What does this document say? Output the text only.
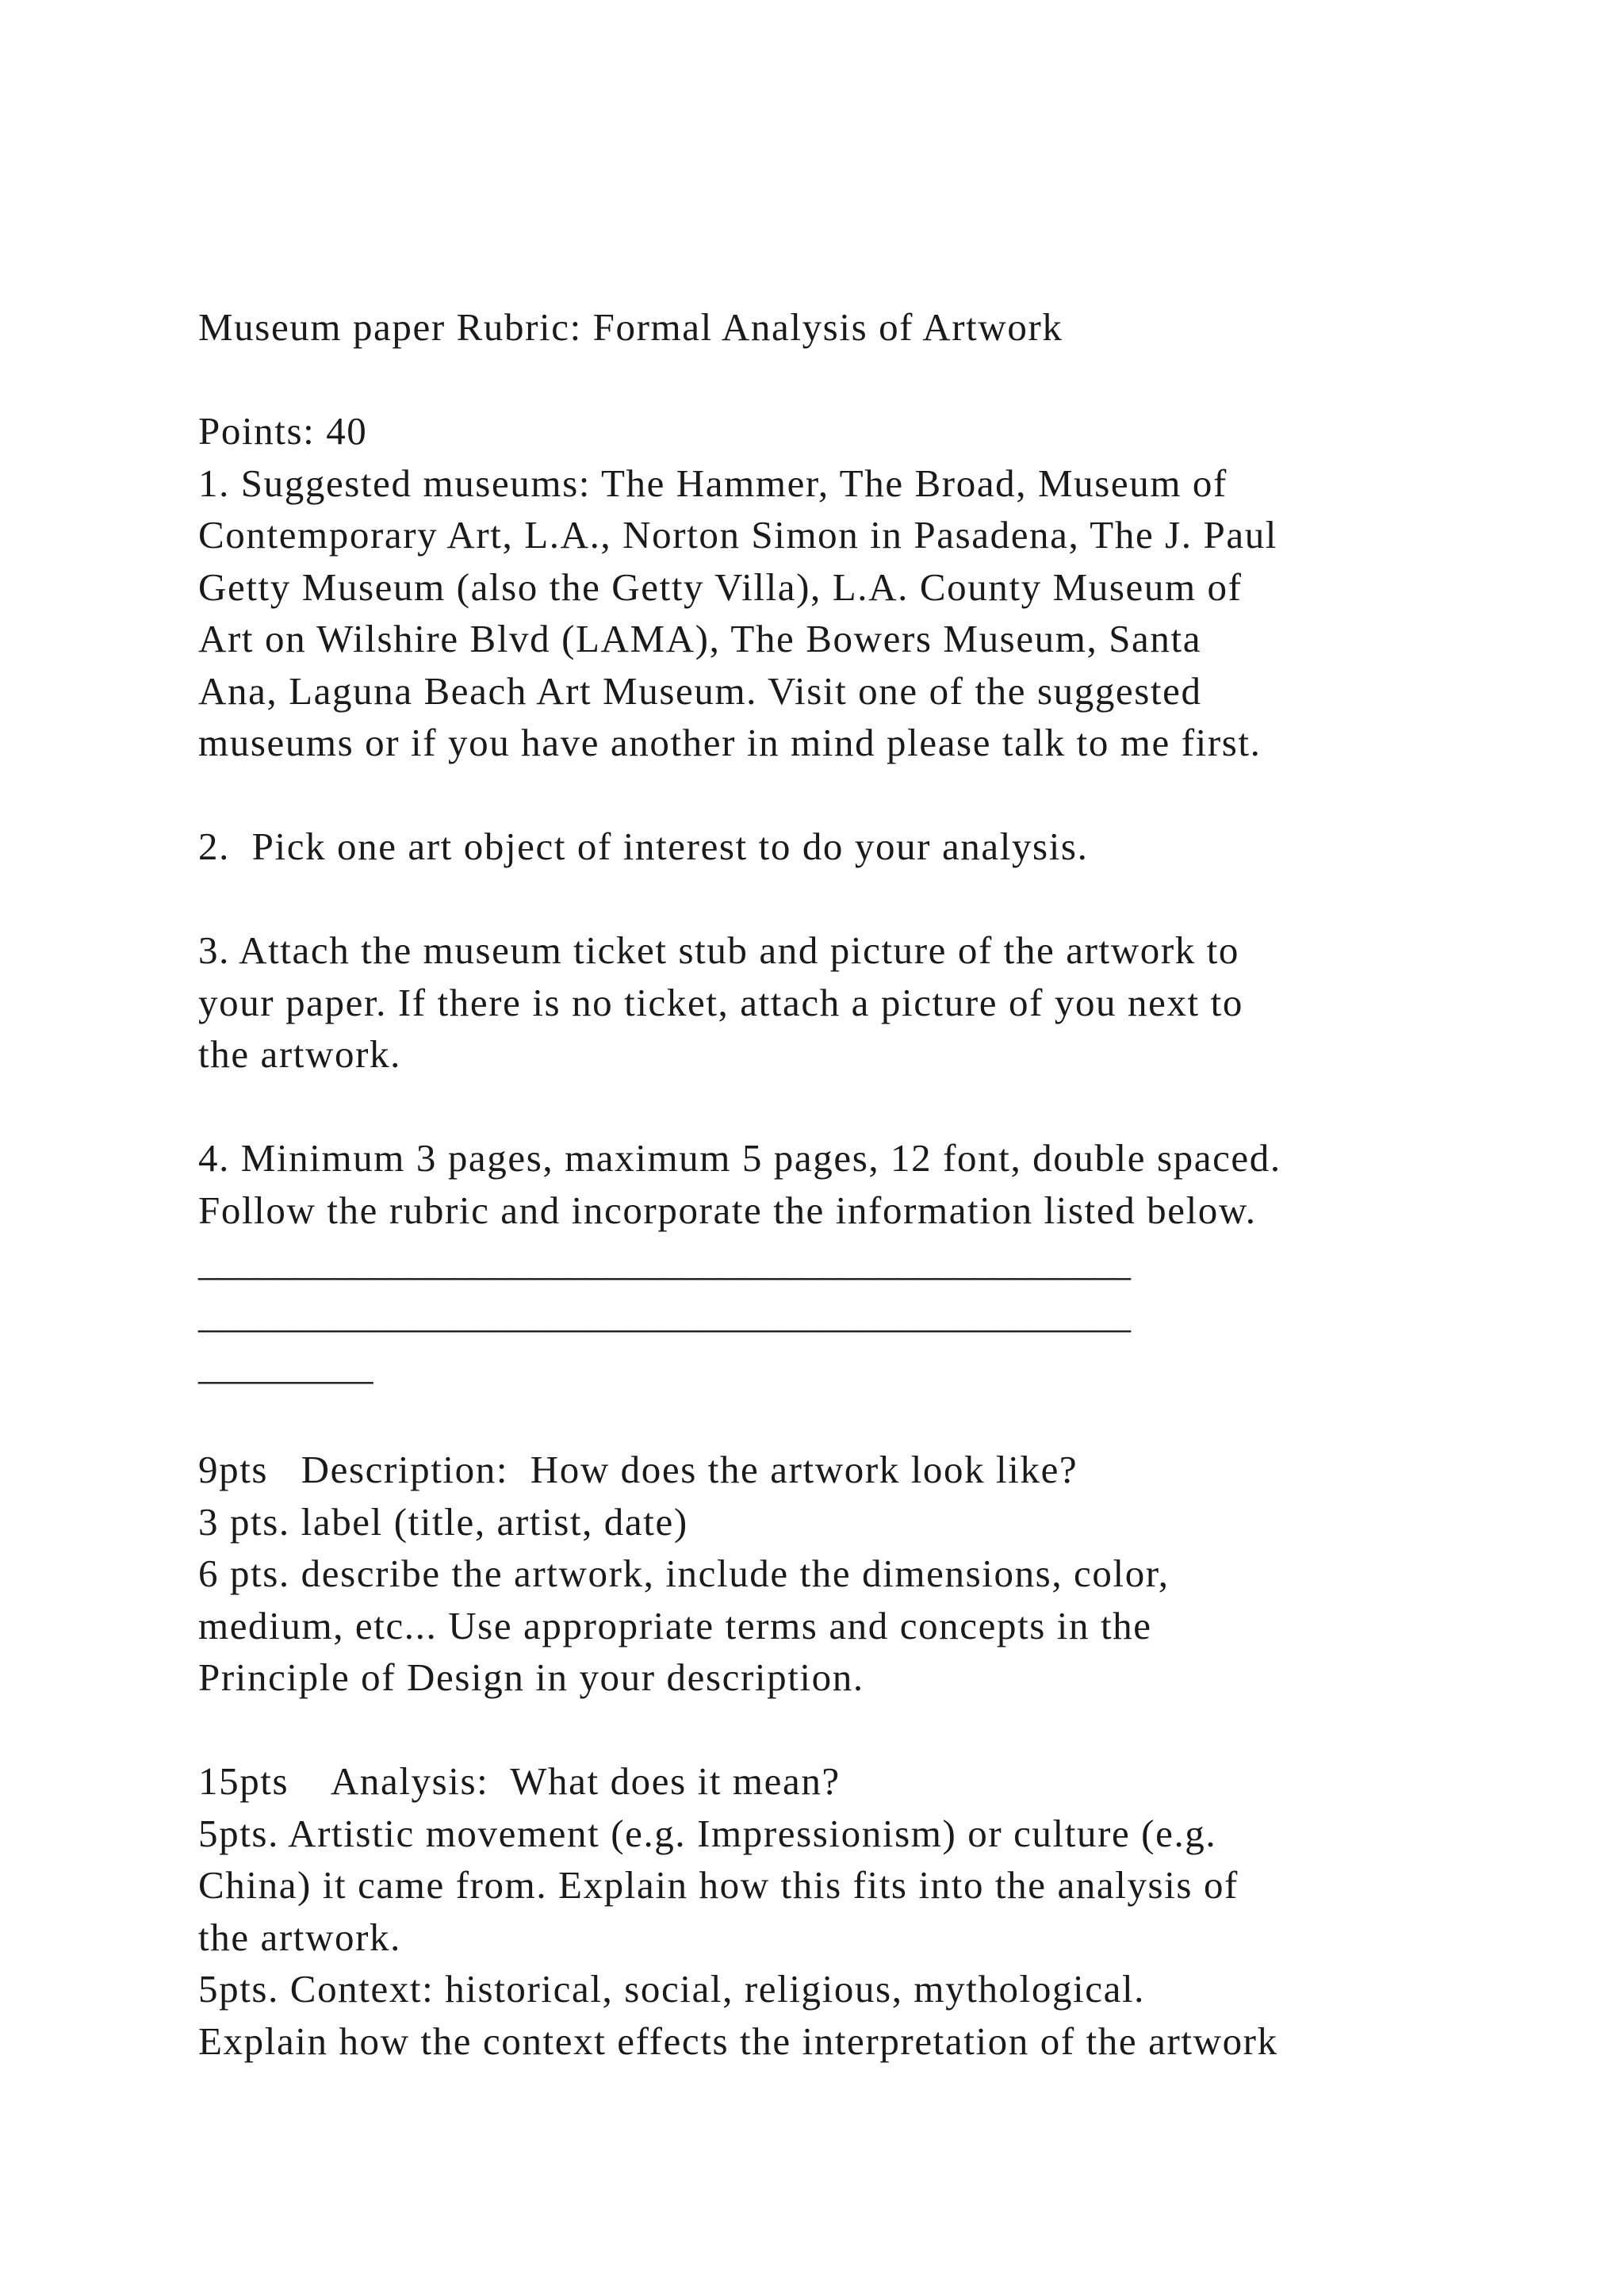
Museum paper Rubric: Formal Analysis of Artwork
Points: 40
1. Suggested museums: The Hammer, The Broad, Museum of
Contemporary Art, L.A., Norton Simon in Pasadena, The J. Paul
Getty Museum (also the Getty Villa), L.A. County Museum of
Art on Wilshire Blvd (LAMA), The Bowers Museum, Santa
Ana, Laguna Beach Art Museum. Visit one of the suggested
museums or if you have another in mind please talk to me first.
2.  Pick one art object of interest to do your analysis.
3. Attach the museum ticket stub and picture of the artwork to
your paper. If there is no ticket, attach a picture of you next to
the artwork.
4. Minimum 3 pages, maximum 5 pages, 12 font, double spaced.
Follow the rubric and incorporate the information listed below.
________________________________________________
________________________________________________
_________
9pts   Description:  How does the artwork look like?
3 pts. label (title, artist, date)
6 pts. describe the artwork, include the dimensions, color,
medium, etc... Use appropriate terms and concepts in the
Principle of Design in your description.
15pts    Analysis:  What does it mean?
5pts. Artistic movement (e.g. Impressionism) or culture (e.g.
China) it came from. Explain how this fits into the analysis of
the artwork.
5pts. Context: historical, social, religious, mythological.
Explain how the context effects the interpretation of the artwork
